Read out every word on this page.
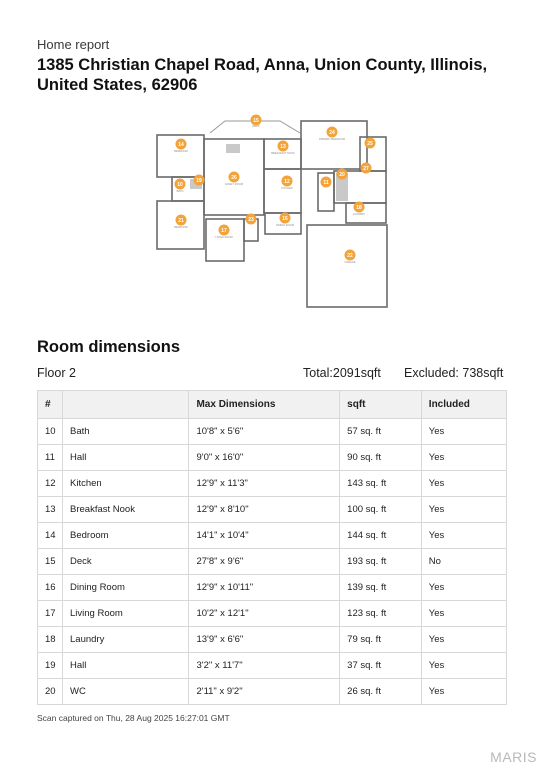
Home report
1385 Christian Chapel Road, Anna, Union County, Illinois, United States, 62906
14
15
13
24
25
26
12
10
19	11
20
27
18
21
17
23	16
22
BEDROOM
DECK
BREAKFAST NOOK
PRIMARY BEDROOM
FAMILY ROOM
KITCHEN
BATH
LAUNDRY
BEDROOM
LIVING ROOM
DINING ROOM
GARAGE
Room dimensions
Floor 2	Total:2091sqft Excluded: 738sqft
#		Max Dimensions	sqft	Included
10	Bath	10'8" x 5'6"	57 sq. ft	Yes
11	Hall	9'0" x 16'0"	90 sq. ft	Yes
12	Kitchen	12'9" x 11'3"	143 sq. ft	Yes
13	Breakfast Nook	12'9" x 8'10"	100 sq. ft	Yes
14	Bedroom	14'1" x 10'4"	144 sq. ft	Yes
15	Deck	27'8" x 9'6"	193 sq. ft	No
16	Dining Room	12'9" x 10'11"	139 sq. ft	Yes
17	Living Room	10'2" x 12'1"	123 sq. ft	Yes
18	Laundry	13'9" x 6'6"	79 sq. ft	Yes
19	Hall	3'2" x 11'7"	37 sq. ft	Yes
20	WC	2'11" x 9'2"	26 sq. ft	Yes
Scan captured on Thu, 28 Aug 2025 16:27:01 GMT
MARIS
